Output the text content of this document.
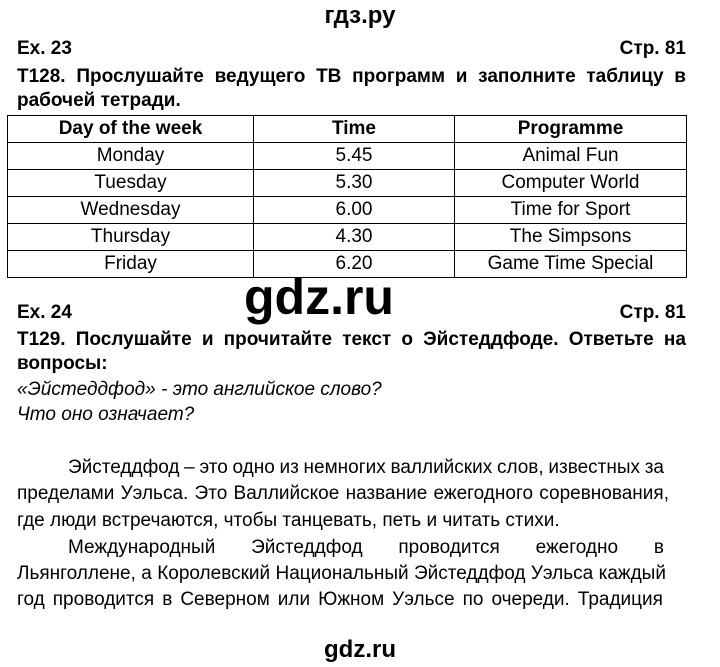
гдз.ру
Ex. 23	Стр. 81
T128. Прослушайте ведущего ТВ программ и заполните таблицу в
рабочей тетради.
Day of the week	Time	Programme
Monday	5.45	Animal Fun
Tuesday	5.30	Computer World
Wednesday	6.00	Time for Sport
Thursday	4.30	The Simpsons
Friday	6.20	Game Time Special
gdz.ru
Ex. 24	Стр. 81
T129. Послушайте и прочитайте текст о Эйстеддфоде. Ответьте на
вопросы:
«Эйстеддфод» - это английское слово?
Что оно означает?
Эйстеддфод – это одно из немногих валлийских слов, известных за
пределами Уэльса. Это Валлийское название ежегодного соревнования,
где люди встречаются, чтобы танцевать, петь и читать стихи.
Международный Эйстеддфод проводится ежегодно в
Льянголлене, а Королевский Национальный Эйстеддфод Уэльса каждый
год проводится в Северном или Южном Уэльсе по очереди. Традиция
gdz.ru
